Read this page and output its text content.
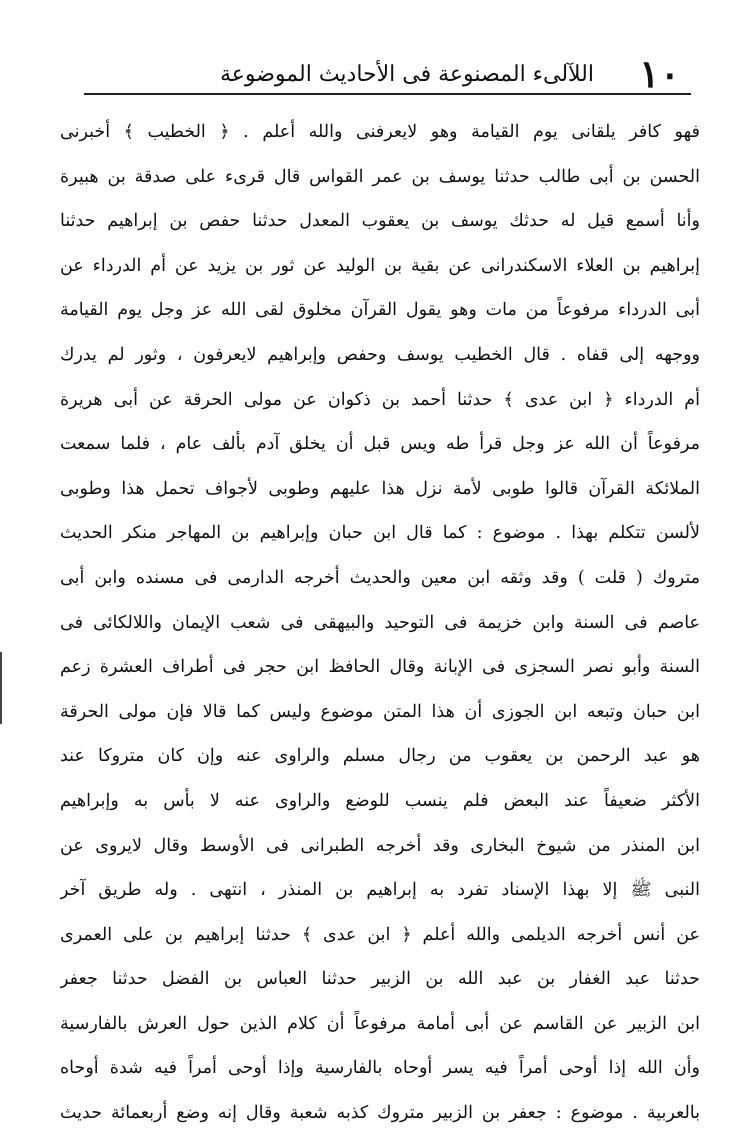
١٠
اللآلىء المصنوعة فى الأحاديث الموضوعة
فهو كافر يلقانى يوم القيامة وهو لايعرفنى والله أعلم . ﴿ الخطيب ﴾ أخبرنى
الحسن بن أبى طالب حدثنا يوسف بن عمر القواس قال قرىء على صدقة بن هبيرة
وأنا أسمع قيل له حدثك يوسف بن يعقوب المعدل حدثنا حفص بن إبراهيم حدثنا
إبراهيم بن العلاء الاسكندرانى عن بقية بن الوليد عن ثور بن يزيد عن أم الدرداء عن
أبى الدرداء مرفوعاً من مات وهو يقول القرآن مخلوق لقى الله عز وجل يوم القيامة
ووجهه إلى قفاه . قال الخطيب يوسف وحفص وإبراهيم لايعرفون ، وثور لم يدرك
أم الدرداء ﴿ ابن عدى ﴾ حدثنا أحمد بن ذكوان عن مولى الحرقة عن أبى هريرة
مرفوعاً أن الله عز وجل قرأ طه ويس قبل أن يخلق آدم بألف عام ، فلما سمعت
الملائكة القرآن قالوا طوبى لأمة نزل هذا عليهم وطوبى لأجواف تحمل هذا وطوبى
لألسن تتكلم بهذا . موضوع : كما قال ابن حبان وإبراهيم بن المهاجر منكر الحديث
متروك ( قلت ) وقد وثقه ابن معين والحديث أخرجه الدارمى فى مسنده وابن أبى
عاصم فى السنة وابن خزيمة فى التوحيد والبيهقى فى شعب الإيمان واللالكائى فى
السنة وأبو نصر السجزى فى الإبانة وقال الحافظ ابن حجر فى أطراف العشرة زعم
ابن حبان وتبعه ابن الجوزى أن هذا المتن موضوع وليس كما قالا فإن مولى الحرقة
هو عبد الرحمن بن يعقوب من رجال مسلم والراوى عنه وإن كان متروكا عند
الأكثر ضعيفاً عند البعض فلم ينسب للوضع والراوى عنه لا بأس به وإبراهيم
ابن المنذر من شيوخ البخارى وقد أخرجه الطبرانى فى الأوسط وقال لايروى عن
النبى ﷺ إلا بهذا الإسناد تفرد به إبراهيم بن المنذر ، انتهى . وله طريق آخر
عن أنس أخرجه الديلمى والله أعلم ﴿ ابن عدى ﴾ حدثنا إبراهيم بن على العمرى
حدثنا عبد الغفار بن عبد الله بن الزبير حدثنا العباس بن الفضل حدثنا جعفر
ابن الزبير عن القاسم عن أبى أمامة مرفوعاً أن كلام الذين حول العرش بالفارسية
وأن الله إذا أوحى أمراً فيه يسر أوحاه بالفارسية وإذا أوحى أمراً فيه شدة أوحاه
بالعربية . موضوع : جعفر بن الزبير متروك كذبه شعبة وقال إنه وضع أربعمائة حديث
